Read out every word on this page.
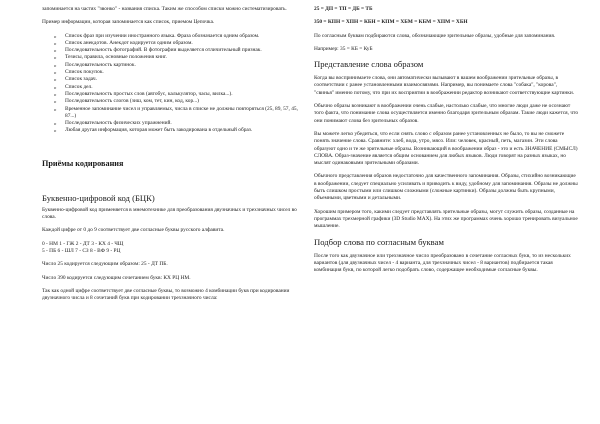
запоминается на частях "звонко" - названия списка. Таким же способом списки можно систематизировать.

Пример информации, которая запоминается как список, приемом Цепочка.

o Список фраз при изучении иностранного языка. Фраза обозначается одним образом.
o Список анекдотов. Анекдот кодируется одним образом.
o Последовательность фотографий. В фотографии выделяется отличительный признак.
o Тезисы, правила, основные положения книг.
o Последовательность картинок.
o Список покупок.
o Список задач.
o Список дел.
o Последовательность простых слов (автобус, калькулятор, часы, вилка...).
o Последовательность слогов (зиш, ком, тет, кин, код, кор...)
o Временное запоминание чисел и управляемых, числа в списке не должны повторяться (25, 89, 57, 45, 87...)
o Последовательность физических упражнений.
o Любая другая информация, которая может быть закодирована в отдельный образ.
Приёмы кодирования
Буквенно-цифровой код (БЦК)

Буквенно-цифровой код применяется в мнемотехнике для преобразования двузначных и трехзначных чисел во слова.

Каждой цифре от 0 до 9 соответствует две согласные буквы русского алфавита.

0 - НМ 1 - ГЖ 2 - ДТ 3 - КХ 4 - ЧЩ

5 - ПБ 6 - ШЛ 7 - СЗ 8 - ВФ 9 - РЦ

Число 25 кодируется следующим образом: 25 - ДТ ПБ.

Число 390 кодируется следующим сочетанием букв: КХ РЦ НМ.

Так как одной цифре соответствует две согласные буквы, то возможно 4 комбинации букв при кодировании двузначного числа и 8 сочетаний букв при кодировании трехзначного числа:

25 = ДП = ТП = ДБ = ТБ

350 = КПН = ХПН = КБН = КПМ = ХБМ = КБМ = ХПМ = ХБН

По согласным буквам подбираются слова, обозначающие зрительные образы, удобные для запоминания.

Например: 35 = КБ = КуБ

Представление слова образом

Когда вы воспринимаете слова, они автоматически вызывают в вашем воображении зрительные образы, в соответствии с ранее установленными взаимосвязями. Например, вы понимаете слова "собака", "корова", "свинья" именно потому, что при их восприятии в воображении редактор возникают соответствующие картинки.

Обычно образы возникают в воображении очень слабые, настолько слабые, что многие люди даже не осознают того факта, что понимание слова осуществляется именно благодаря зрительным образам. Такие люди кажется, что они понимают слова без зрительных образов.

Вы можете легко убедиться, что если снять слово с образом ранее установленных не было, то вы не сможете понять значение слова. Сравните: хлеб, вода, утро, мясо. Или: человек, красный, петь, магазин. Эти слова образуют одно и те же зрительные образы. Возникающий в воображении образ - это и есть ЗНАЧЕНИЕ (СМЫСЛ) СЛОВА. Образ-значение является общим основанием для любых языков. Люди говорят на разных языках, но мыслят одинаковыми зрительными образами.

Обычного представления образов недостаточно для качественного запоминания. Образы, стихийно возникающие в воображении, следует специально усиливать и приводить к виду, удобному для запоминания. Образы не должны быть слишком простыми или слишком сложными (сложные картинки). Образы должны быть крупными, объемными, цветными и детальными.

Хорошим примером того, какими следует представлять зрительные образы, могут служить образы, созданные на программах трехмерной графики (3D Studio MAX). На этих же программах очень хорошо тренировать визуальное мышление.

Подбор слова по согласным буквам

После того как двузначное или трехзначное число преобразовано в сочетание согласных букв, то из нескольких вариантов (для двузначных чисел - 4 варианта, для трехзначных чисел - 8 вариантов) подбирается такая комбинация букв, по которой легко подобрать слово, содержащее необходимые согласные буквы.
